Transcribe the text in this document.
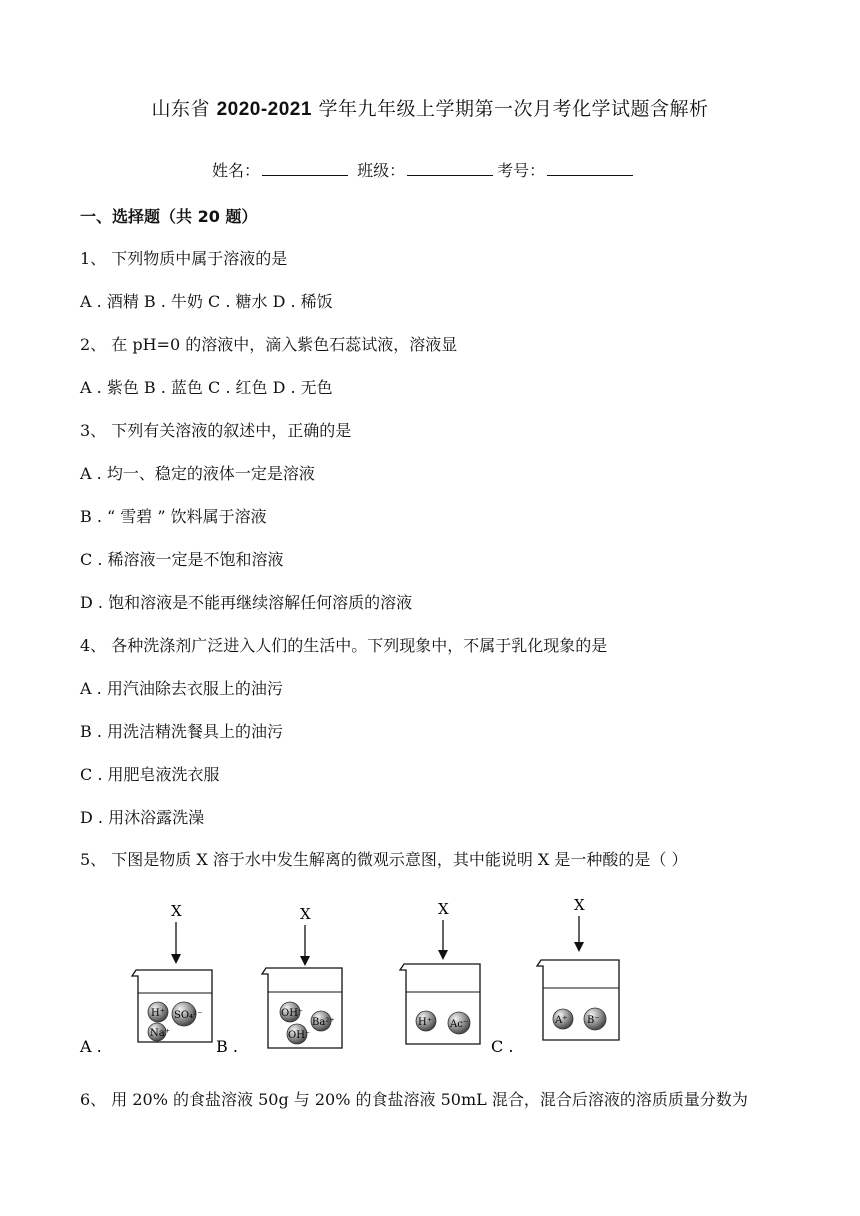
山东省 2020-2021 学年九年级上学期第一次月考化学试题含解析
姓名：	班级：	考号：
一、选择题（共 20 题）
1、 下列物质中属于溶液的是
A . 酒精 B . 牛奶 C . 糖水 D . 稀饭
2、 在 pH=0 的溶液中，滴入紫色石蕊试液，溶液显
A . 紫色 B . 蓝色 C . 红色 D . 无色
3、 下列有关溶液的叙述中，正确的是
A . 均一、稳定的液体一定是溶液
B . “ 雪碧 ” 饮料属于溶液
C . 稀溶液一定是不饱和溶液
D . 饱和溶液是不能再继续溶解任何溶质的溶液
4、 各种洗涤剂广泛进入人们的生活中。下列现象中，不属于乳化现象的是
A . 用汽油除去衣服上的油污
B . 用洗洁精洗餐具上的油污
C . 用肥皂液洗衣服
D . 用沐浴露洗澡
5、 下图是物质 X 溶于水中发生解离的微观示意图，其中能说明 X 是一种酸的是（ ）
X
H⁺ SO₄²⁻
Na⁺
A .
X
OH⁻
Ba²⁺
OH⁻
B .
X
H⁺ Ac⁻
C .
X
A⁺ B⁻
6、 用 20% 的食盐溶液 50g 与 20% 的食盐溶液 50mL 混合，混合后溶液的溶质质量分数为
